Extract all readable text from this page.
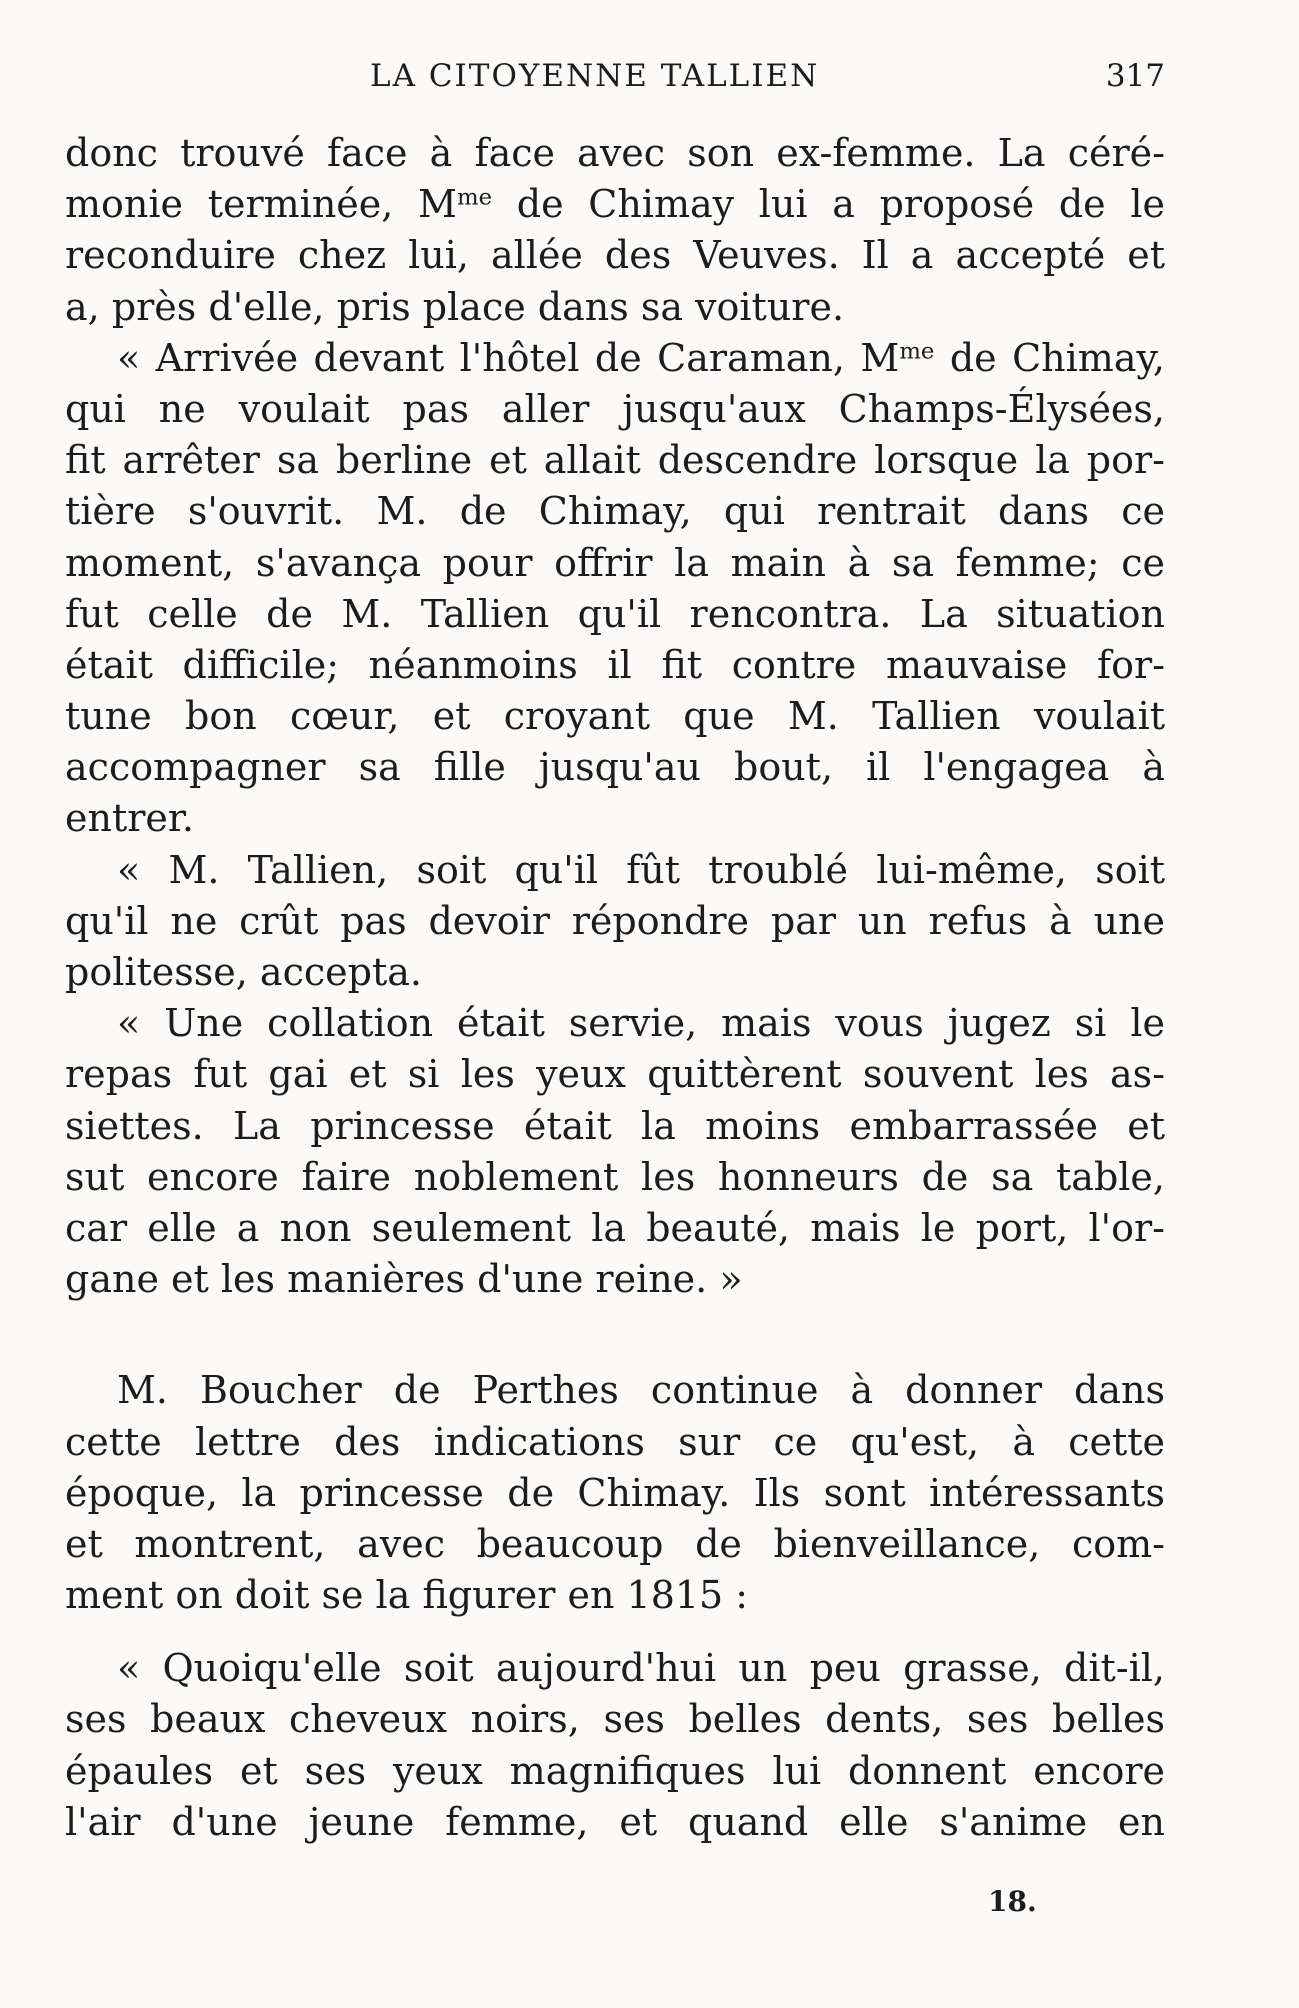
LA CITOYENNE TALLIEN	317
donc trouvé face à face avec son ex-femme. La céré-
monie terminée, $M^{me}$ de Chimay lui a proposé de le
reconduire chez lui, allée des Veuves. Il a accepté et
a, près d'elle, pris place dans sa voiture.
« Arrivée devant l'hôtel de Caraman, $M^{me}$ de Chimay,
qui ne voulait pas aller jusqu'aux Champs-Élysées,
fit arrêter sa berline et allait descendre lorsque la por-
tière s'ouvrit. M. de Chimay, qui rentrait dans ce
moment, s'avança pour offrir la main à sa femme; ce
fut celle de M. Tallien qu'il rencontra. La situation
était difficile; néanmoins il fit contre mauvaise for-
tune bon cœur, et croyant que M. Tallien voulait
accompagner sa fille jusqu'au bout, il l'engagea à
entrer.
« M. Tallien, soit qu'il fût troublé lui-même, soit
qu'il ne crût pas devoir répondre par un refus à une
politesse, accepta.
« Une collation était servie, mais vous jugez si le
repas fut gai et si les yeux quittèrent souvent les as-
siettes. La princesse était la moins embarrassée et
sut encore faire noblement les honneurs de sa table,
car elle a non seulement la beauté, mais le port, l'or-
gane et les manières d'une reine. »
M. Boucher de Perthes continue à donner dans
cette lettre des indications sur ce qu'est, à cette
époque, la princesse de Chimay. Ils sont intéressants
et montrent, avec beaucoup de bienveillance, com-
ment on doit se la figurer en 1815 :
« Quoiqu'elle soit aujourd'hui un peu grasse, dit-il,
ses beaux cheveux noirs, ses belles dents, ses belles
épaules et ses yeux magnifiques lui donnent encore
l'air d'une jeune femme, et quand elle s'anime en
18.
